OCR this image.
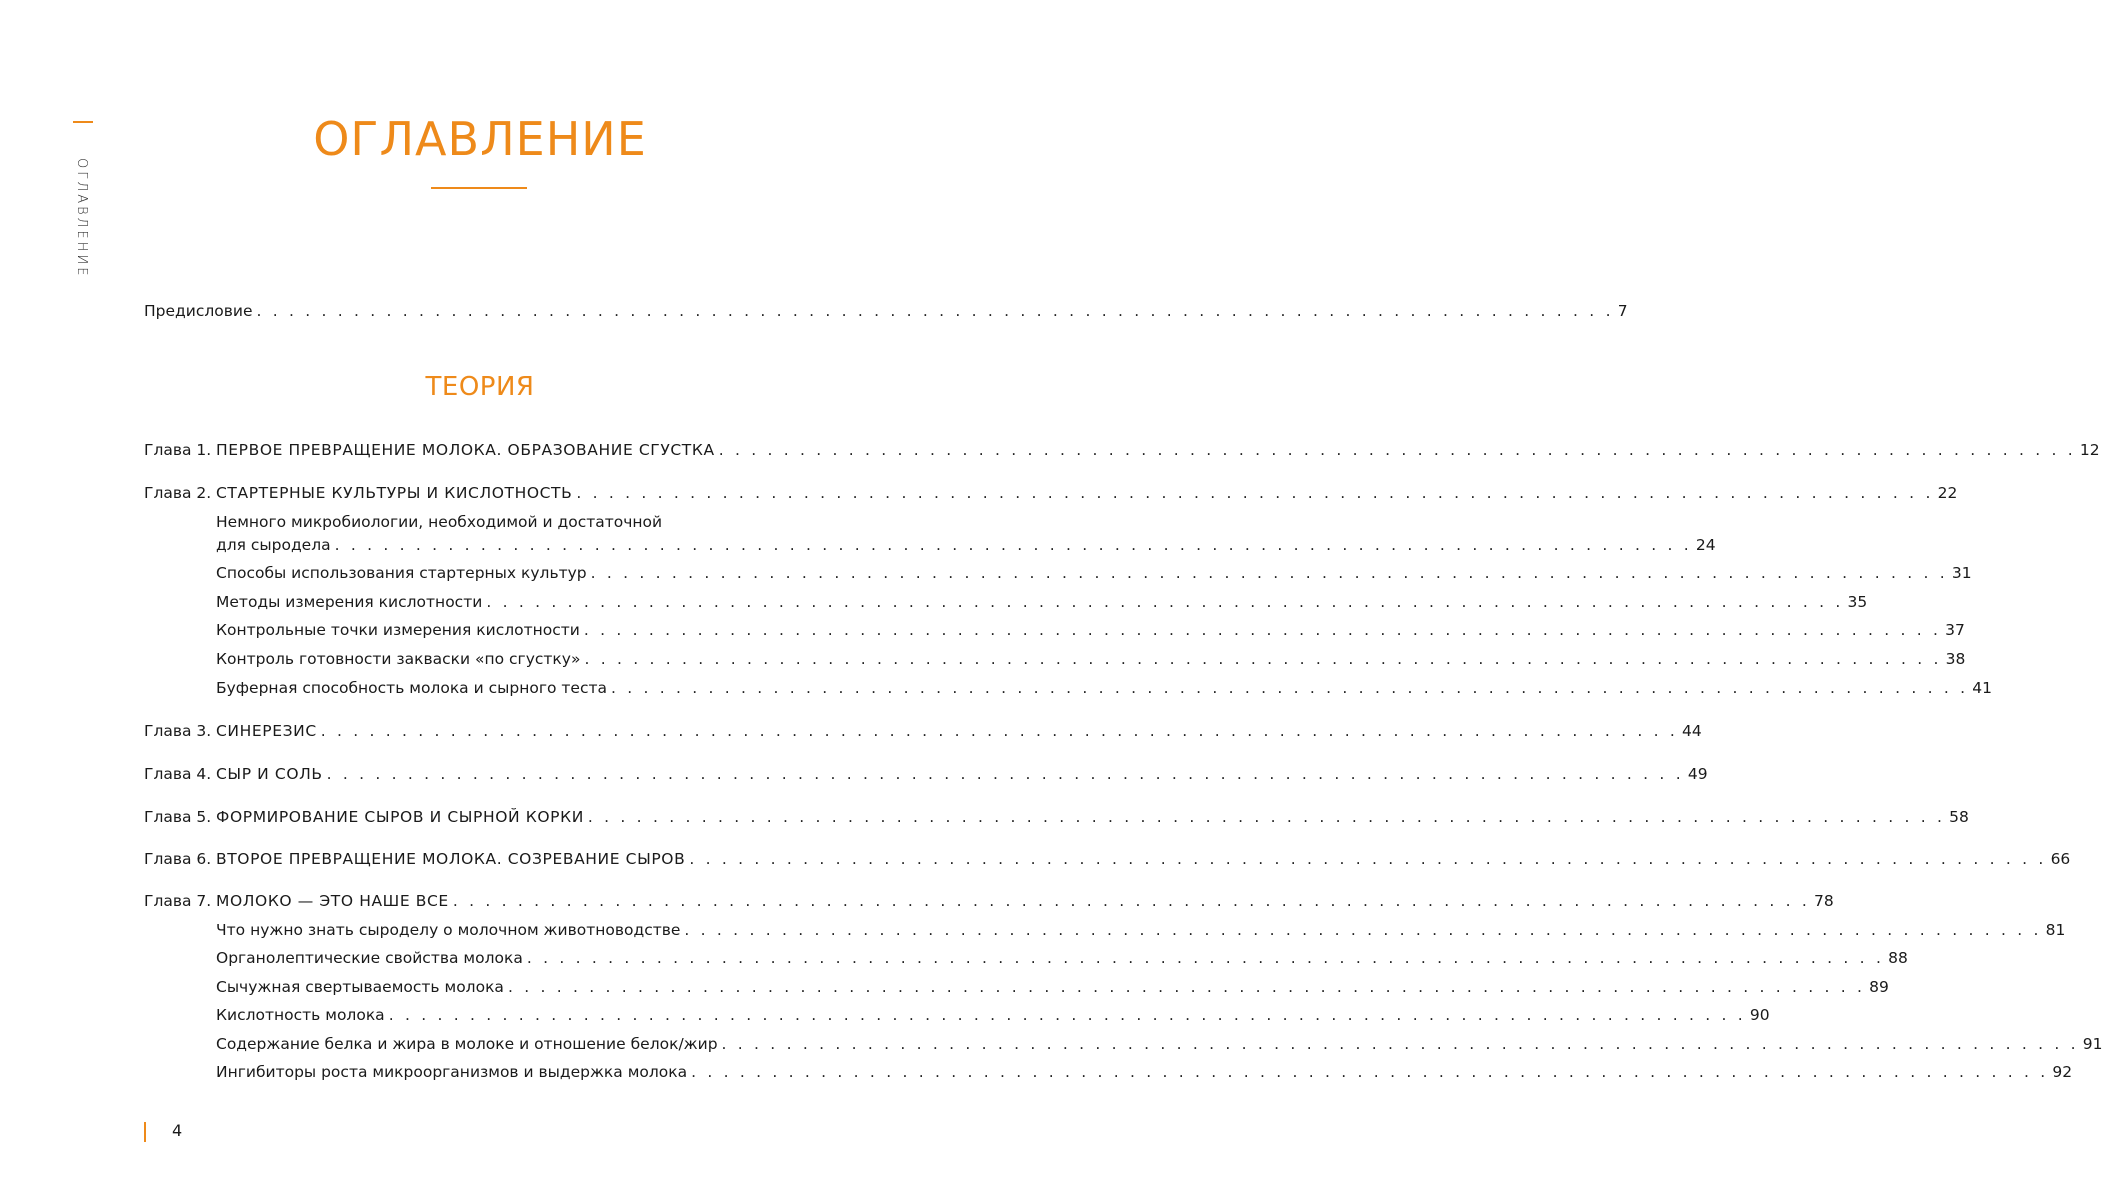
ОГЛАВЛЕНИЕ
ОГЛАВЛЕНИЕ
Предисловие . . . . . . . . . . . . . . . . . . . . . . . . . . . . . . . . . . . . . . . . . . . . . . . . . . . . . . . . . . . . . . . . . . . . . . . . . . . . . . . . . . . . 7
ТЕОРИЯ
Глава 1. ПЕРВОЕ ПРЕВРАЩЕНИЕ МОЛОКА. ОБРАЗОВАНИЕ СГУСТКА . . . . . . . . . . . . . . . . . . . . . . . . . . . . . . . . . . . . . . . . . . . . . . . . . . . . . . . . . . . . . . . . . . . . . . . . . . . . . . . . . . . . 12
Глава 2. СТАРТЕРНЫЕ КУЛЬТУРЫ И КИСЛОТНОСТЬ . . . . . . . . . . . . . . . . . . . . . . . . . . . . . . . . . . . . . . . . . . . . . . . . . . . . . . . . . . . . . . . . . . . . . . . . . . . . . . . . . . . . 22
Немного микробиологии, необходимой и достаточной
для сыродела . . . . . . . . . . . . . . . . . . . . . . . . . . . . . . . . . . . . . . . . . . . . . . . . . . . . . . . . . . . . . . . . . . . . . . . . . . . . . . . . . . . . 24
Способы использования стартерных культур . . . . . . . . . . . . . . . . . . . . . . . . . . . . . . . . . . . . . . . . . . . . . . . . . . . . . . . . . . . . . . . . . . . . . . . . . . . . . . . . . . . . 31
Методы измерения кислотности . . . . . . . . . . . . . . . . . . . . . . . . . . . . . . . . . . . . . . . . . . . . . . . . . . . . . . . . . . . . . . . . . . . . . . . . . . . . . . . . . . . . 35
Контрольные точки измерения кислотности . . . . . . . . . . . . . . . . . . . . . . . . . . . . . . . . . . . . . . . . . . . . . . . . . . . . . . . . . . . . . . . . . . . . . . . . . . . . . . . . . . . . 37
Контроль готовности закваски «по сгустку» . . . . . . . . . . . . . . . . . . . . . . . . . . . . . . . . . . . . . . . . . . . . . . . . . . . . . . . . . . . . . . . . . . . . . . . . . . . . . . . . . . . . 38
Буферная способность молока и сырного теста . . . . . . . . . . . . . . . . . . . . . . . . . . . . . . . . . . . . . . . . . . . . . . . . . . . . . . . . . . . . . . . . . . . . . . . . . . . . . . . . . . . . 41
Глава 3. СИНЕРЕЗИС . . . . . . . . . . . . . . . . . . . . . . . . . . . . . . . . . . . . . . . . . . . . . . . . . . . . . . . . . . . . . . . . . . . . . . . . . . . . . . . . . . . . 44
Глава 4. СЫР И СОЛЬ . . . . . . . . . . . . . . . . . . . . . . . . . . . . . . . . . . . . . . . . . . . . . . . . . . . . . . . . . . . . . . . . . . . . . . . . . . . . . . . . . . . . 49
Глава 5. ФОРМИРОВАНИЕ СЫРОВ И СЫРНОЙ КОРКИ . . . . . . . . . . . . . . . . . . . . . . . . . . . . . . . . . . . . . . . . . . . . . . . . . . . . . . . . . . . . . . . . . . . . . . . . . . . . . . . . . . . . 58
Глава 6. ВТОРОЕ ПРЕВРАЩЕНИЕ МОЛОКА. СОЗРЕВАНИЕ СЫРОВ . . . . . . . . . . . . . . . . . . . . . . . . . . . . . . . . . . . . . . . . . . . . . . . . . . . . . . . . . . . . . . . . . . . . . . . . . . . . . . . . . . . . 66
Глава 7. МОЛОКО — ЭТО НАШЕ ВСЕ . . . . . . . . . . . . . . . . . . . . . . . . . . . . . . . . . . . . . . . . . . . . . . . . . . . . . . . . . . . . . . . . . . . . . . . . . . . . . . . . . . . . 78
Что нужно знать сыроделу о молочном животноводстве . . . . . . . . . . . . . . . . . . . . . . . . . . . . . . . . . . . . . . . . . . . . . . . . . . . . . . . . . . . . . . . . . . . . . . . . . . . . . . . . . . . . 81
Органолептические свойства молока . . . . . . . . . . . . . . . . . . . . . . . . . . . . . . . . . . . . . . . . . . . . . . . . . . . . . . . . . . . . . . . . . . . . . . . . . . . . . . . . . . . . 88
Сычужная свертываемость молока . . . . . . . . . . . . . . . . . . . . . . . . . . . . . . . . . . . . . . . . . . . . . . . . . . . . . . . . . . . . . . . . . . . . . . . . . . . . . . . . . . . . 89
Кислотность молока . . . . . . . . . . . . . . . . . . . . . . . . . . . . . . . . . . . . . . . . . . . . . . . . . . . . . . . . . . . . . . . . . . . . . . . . . . . . . . . . . . . . 90
Содержание белка и жира в молоке и отношение белок/жир . . . . . . . . . . . . . . . . . . . . . . . . . . . . . . . . . . . . . . . . . . . . . . . . . . . . . . . . . . . . . . . . . . . . . . . . . . . . . . . . . . . . 91
Ингибиторы роста микроорганизмов и выдержка молока . . . . . . . . . . . . . . . . . . . . . . . . . . . . . . . . . . . . . . . . . . . . . . . . . . . . . . . . . . . . . . . . . . . . . . . . . . . . . . . . . . . . 92
4
